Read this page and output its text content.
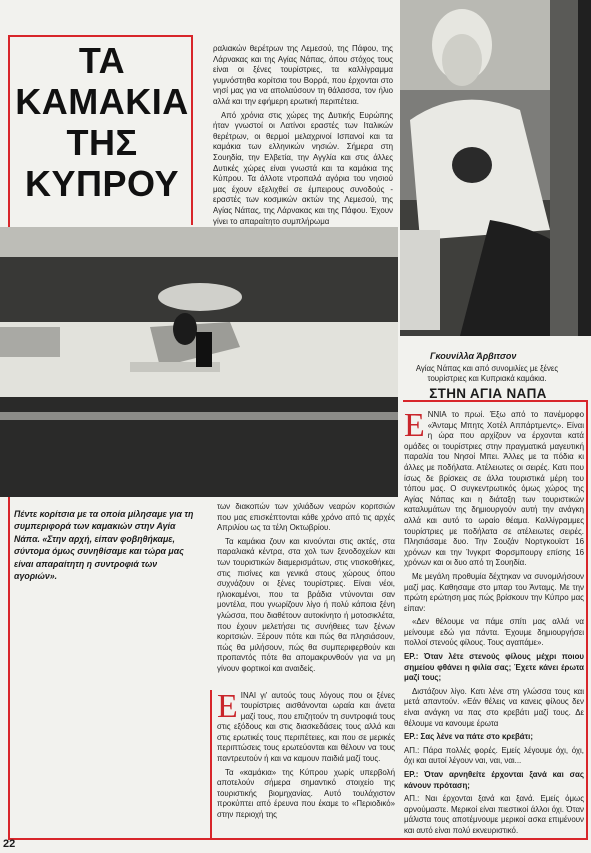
ΤΑ
ΚΑΜΑΚΙΑ
ΤΗΣ
ΚΥΠΡΟΥ

ραλιακών θερέτρων της Λεμεσού, της Πάφου, της Λάρνακας και της Αγίας Νάπας, όπου στόχος τους είναι οι ξένες τουρίστριες, τα καλλίγραμμα γυμνόστηθα κορίτσια του Βορρά, που έρχονται στο νησί μας για να απολαύσουν τη θάλασσα, τον ήλιο αλλά και την εφήμερη ερωτική περιπέτεια.

Από χρόνια στις χώρες της Δυτικής Ευρώπης ήταν γνωστοί οι Λατίνοι εραστές των Ιταλικών θερέτρων, οι θερμοί μελαχρινοί Ισπανοί και τα καμάκια των ελληνικών νησιών. Σήμερα στη Σουηδία, την Ελβετία, την Αγγλία και στις άλλες Δυτικές χώρες είναι γνωστά και τα καμάκια της Κύπρου. Τα άλλοτε ντροπαλά αγόρια του νησιού μας έχουν εξελιχθεί σε έμπειρους συνοδούς - εραστές των κοσμικών ακτών της Λεμεσού, της Αγίας Νάπας, της Λάρνακας και της Πάφου. Έχουν γίνει το απαραίτητο συμπλήρωμα

Γκουνίλλα Άρβιτσον
Αγίας Νάπας και από συνομιλίες με ξένες τουρίστριες και Κυπριακά καμάκια.
ΣΤΗΝ ΑΓΙΑ ΝΑΠΑ
Πέντε κορίτσια με τα οποία μίλησαμε για τη συμπεριφορά των καμακιών στην Αγία Νάπα. «Στην αρχή, είπαν φοβηθήκαμε, σύντομα όμως συνηθίσαμε και τώρα μας είναι απαραίτητη η συντροφιά των αγοριών».

των διακοπών των χιλιάδων νεαρών κοριτσιών που μας επισκέπτονται κάθε χρόνο από τις αρχές Απριλίου ως τα τέλη Οκτωβρίου.

Τα καμάκια ζουν και κινούνται στις ακτές, στα παραλιακά κέντρα, στα χολ των ξενοδοχείων και των τουριστικών διαμερισμάτων, στις ντισκοθήκες, στις πισίνες και γενικά στους χώρους όπου συχνάζουν οι ξένες τουρίστριες. Είναι νέοι, ηλιοκαμένοι, που τα βράδια ντύνονται σαν μοντέλα, που γνωρίζουν λίγο ή πολύ κάποια ξένη γλώσσα, που διαθέτουν αυτοκίνητο ή μοτοσικλέτα, που έχουν μελετήσει τις συνήθειες των ξένων κοριτσιών. Ξέρουν πότε και πώς θα πλησιάσουν, πώς θα μιλήσουν, πώς θα συμπεριφερθούν και προπαντός πότε θα απομακρυνθούν για να μη γίνουν φορτικοί και αναιδείς.

ΕΙΝΑΙ γι' αυτούς τους λόγους που οι ξένες τουρίστριες αισθάνονται ωραία και άνετα μαζί τους, που επιζητούν τη συντροφιά τους στις εξόδους και στις διασκεδάσεις τους αλλά και στις ερωτικές τους περιπέτειες, και που σε μερικές περιπτώσεις τους ερωτεύονται και θέλουν να τους παντρευτούν ή και να καμουν παιδιά μαζί τους.

Τα «καμάκια» της Κύπρου χωρίς υπερβολή αποτελούν σήμερα σημαντικό στοιχείο της τουριστικής βιομηχανίας. Αυτό τουλάχιστον προκύπτει από έρευνα που έκαμε το «Περιοδικό» στην περιοχή της

ΕΝΝΙΑ το πρωί. Έξω από το πανέμορφο «Άνταμς Μπητς Χοτέλ Αππάρτμεντς». Είναι η ώρα που αρχίζουν να έρχονται κατά ομάδες οι τουρίστριες στην πραγματικά μαγευτική παραλία του Νησοί Μπει. Άλλες με τα πόδια κι άλλες με ποδήλατα. Ατέλειωτες οι σειρές. Κατι που ίσως δε βρίσκεις σε άλλα τουριστικά μέρη του τόπου μας. Ο συγκεντρωτικός όμως χώρος της Αγίας Νάπας και η διάταξη των τουριστικών καταλυμάτων της δημιουργούν αυτή την ανάγκη αλλά και αυτό το ωραίο θέαμα. Καλλίγραμμες τουρίστριες με ποδήλατα σε ατέλειωτες σειρές. Πλησιάσαμε δυο. Την Σουζάν Νορτγκουϊστ 16 χρόνων και την Ίνγκριτ Φορσμπουργ επίσης 16 χρόνων και οι δυο από τη Σουηδία.

Με μεγάλη προθυμία δέχτηκαν να συνομιλήσουν μαζί μας. Καθησαμε στο μπαρ του Άνταμς. Με την πρώτη ερώτηση μας πώς βρίσκουν την Κύπρο μας είπαν:

«Δεν θέλουμε να πάμε σπίτι μας αλλά να μείνουμε εδώ για πάντα. Έχουμε δημιουργήσει πολλοί στενούς φίλους. Τους αγαπάμε».

ΕΡ.: Όταν λέτε στενούς φίλους μέχρι ποιου σημείου φθάνει η φιλία σας; Έχετε κάνει έρωτα μαζί τους;

Διστάζουν λίγο. Κατι λένε στη γλώσσα τους και μετά απαντούν. «Εάν θέλεις να κανεις φίλους δεν είναι ανάγκη να πας στο κρεβάτι μαζί τους. Δε θέλουμε να κανουμε έρωτα

ΕΡ.: Σας λένε να πάτε στο κρεβάτι;

ΑΠ.: Πάρα πολλές φορές. Εμείς λέγουμε όχι, όχι, όχι και αυτοί λέγουν ναι, ναι, ναι...

ΕΡ.: Όταν αρνηθείτε έρχονται ξανά και σας κάνουν πρόταση;

ΑΠ.: Ναι έρχονται ξανά και ξανά. Εμείς όμως αρνούμαστε. Μερικοί είναι πιεστικοί άλλοι όχι. Όταν μάλιστα τους αποτέμνουμε μερικοί ασκα επιμένουν και αυτό είναι πολύ εκνευριστικό.

22
